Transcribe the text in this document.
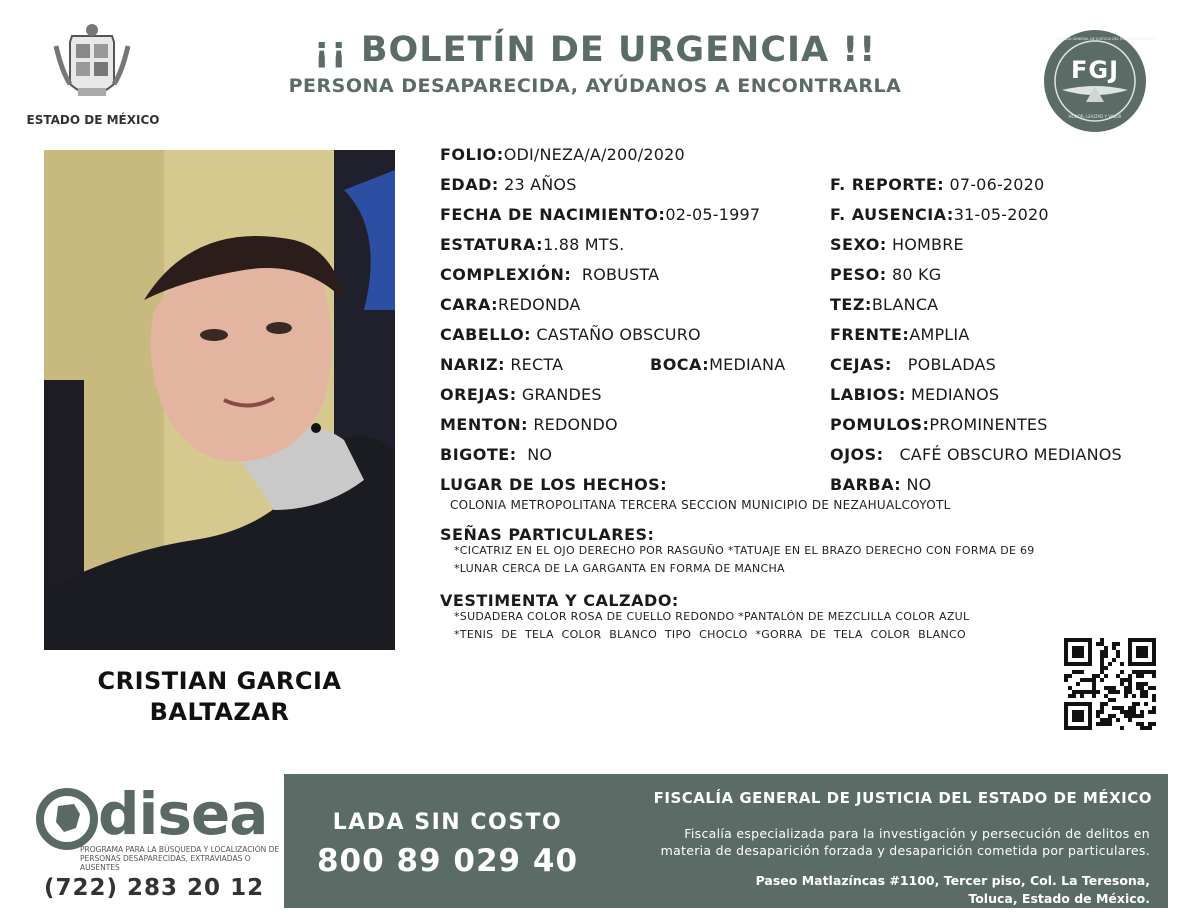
ESTADO DE MÉXICO
¡¡ BOLETÍN DE URGENCIA !!
PERSONA DESAPARECIDA, AYÚDANOS A ENCONTRARLA
FGJ
FISCALÍA GENERAL DE JUSTICIA DEL ESTADO DE MÉXICO
HONOR, LEALTAD Y VALOR
CRISTIAN GARCIA
BALTAZAR
FOLIO:ODI/NEZA/A/200/2020
EDAD: 23 AÑOS	F. REPORTE: 07-06-2020
FECHA DE NACIMIENTO:02-05-1997	F. AUSENCIA:31-05-2020
ESTATURA:1.88 MTS.	SEXO: HOMBRE
COMPLEXIÓN: ROBUSTA	PESO: 80 KG
CARA:REDONDA	TEZ:BLANCA
CABELLO: CASTAÑO OBSCURO	FRENTE:AMPLIA
NARIZ: RECTA	BOCA:MEDIANA	CEJAS: POBLADAS
OREJAS: GRANDES	LABIOS: MEDIANOS
MENTON: REDONDO	POMULOS:PROMINENTES
BIGOTE: NO	OJOS: CAFÉ OBSCURO MEDIANOS
LUGAR DE LOS HECHOS:	BARBA: NO
COLONIA METROPOLITANA TERCERA SECCION MUNICIPIO DE NEZAHUALCOYOTL
SEÑAS PARTICULARES:
*CICATRIZ EN EL OJO DERECHO POR RASGUÑO *TATUAJE EN EL BRAZO DERECHO CON FORMA DE 69
*LUNAR CERCA DE LA GARGANTA EN FORMA DE MANCHA
VESTIMENTA Y CALZADO:
*SUDADERA COLOR ROSA DE CUELLO REDONDO *PANTALÓN DE MEZCLILLA COLOR AZUL
*TENIS DE TELA COLOR BLANCO TIPO CHOCLO *GORRA DE TELA COLOR BLANCO
disea
PROGRAMA PARA LA BÚSQUEDA Y LOCALIZACIÓN DE PERSONAS DESAPARECIDAS, EXTRAVIADAS O AUSENTES
(722) 283 20 12
LADA SIN COSTO
800 89 029 40
FISCALÍA GENERAL DE JUSTICIA DEL ESTADO DE MÉXICO
Fiscalía especializada para la investigación y persecución de delitos en
materia de desaparición forzada y desaparición cometida por particulares.
Paseo Matlazíncas #1100, Tercer piso, Col. La Teresona,
Toluca, Estado de México.
